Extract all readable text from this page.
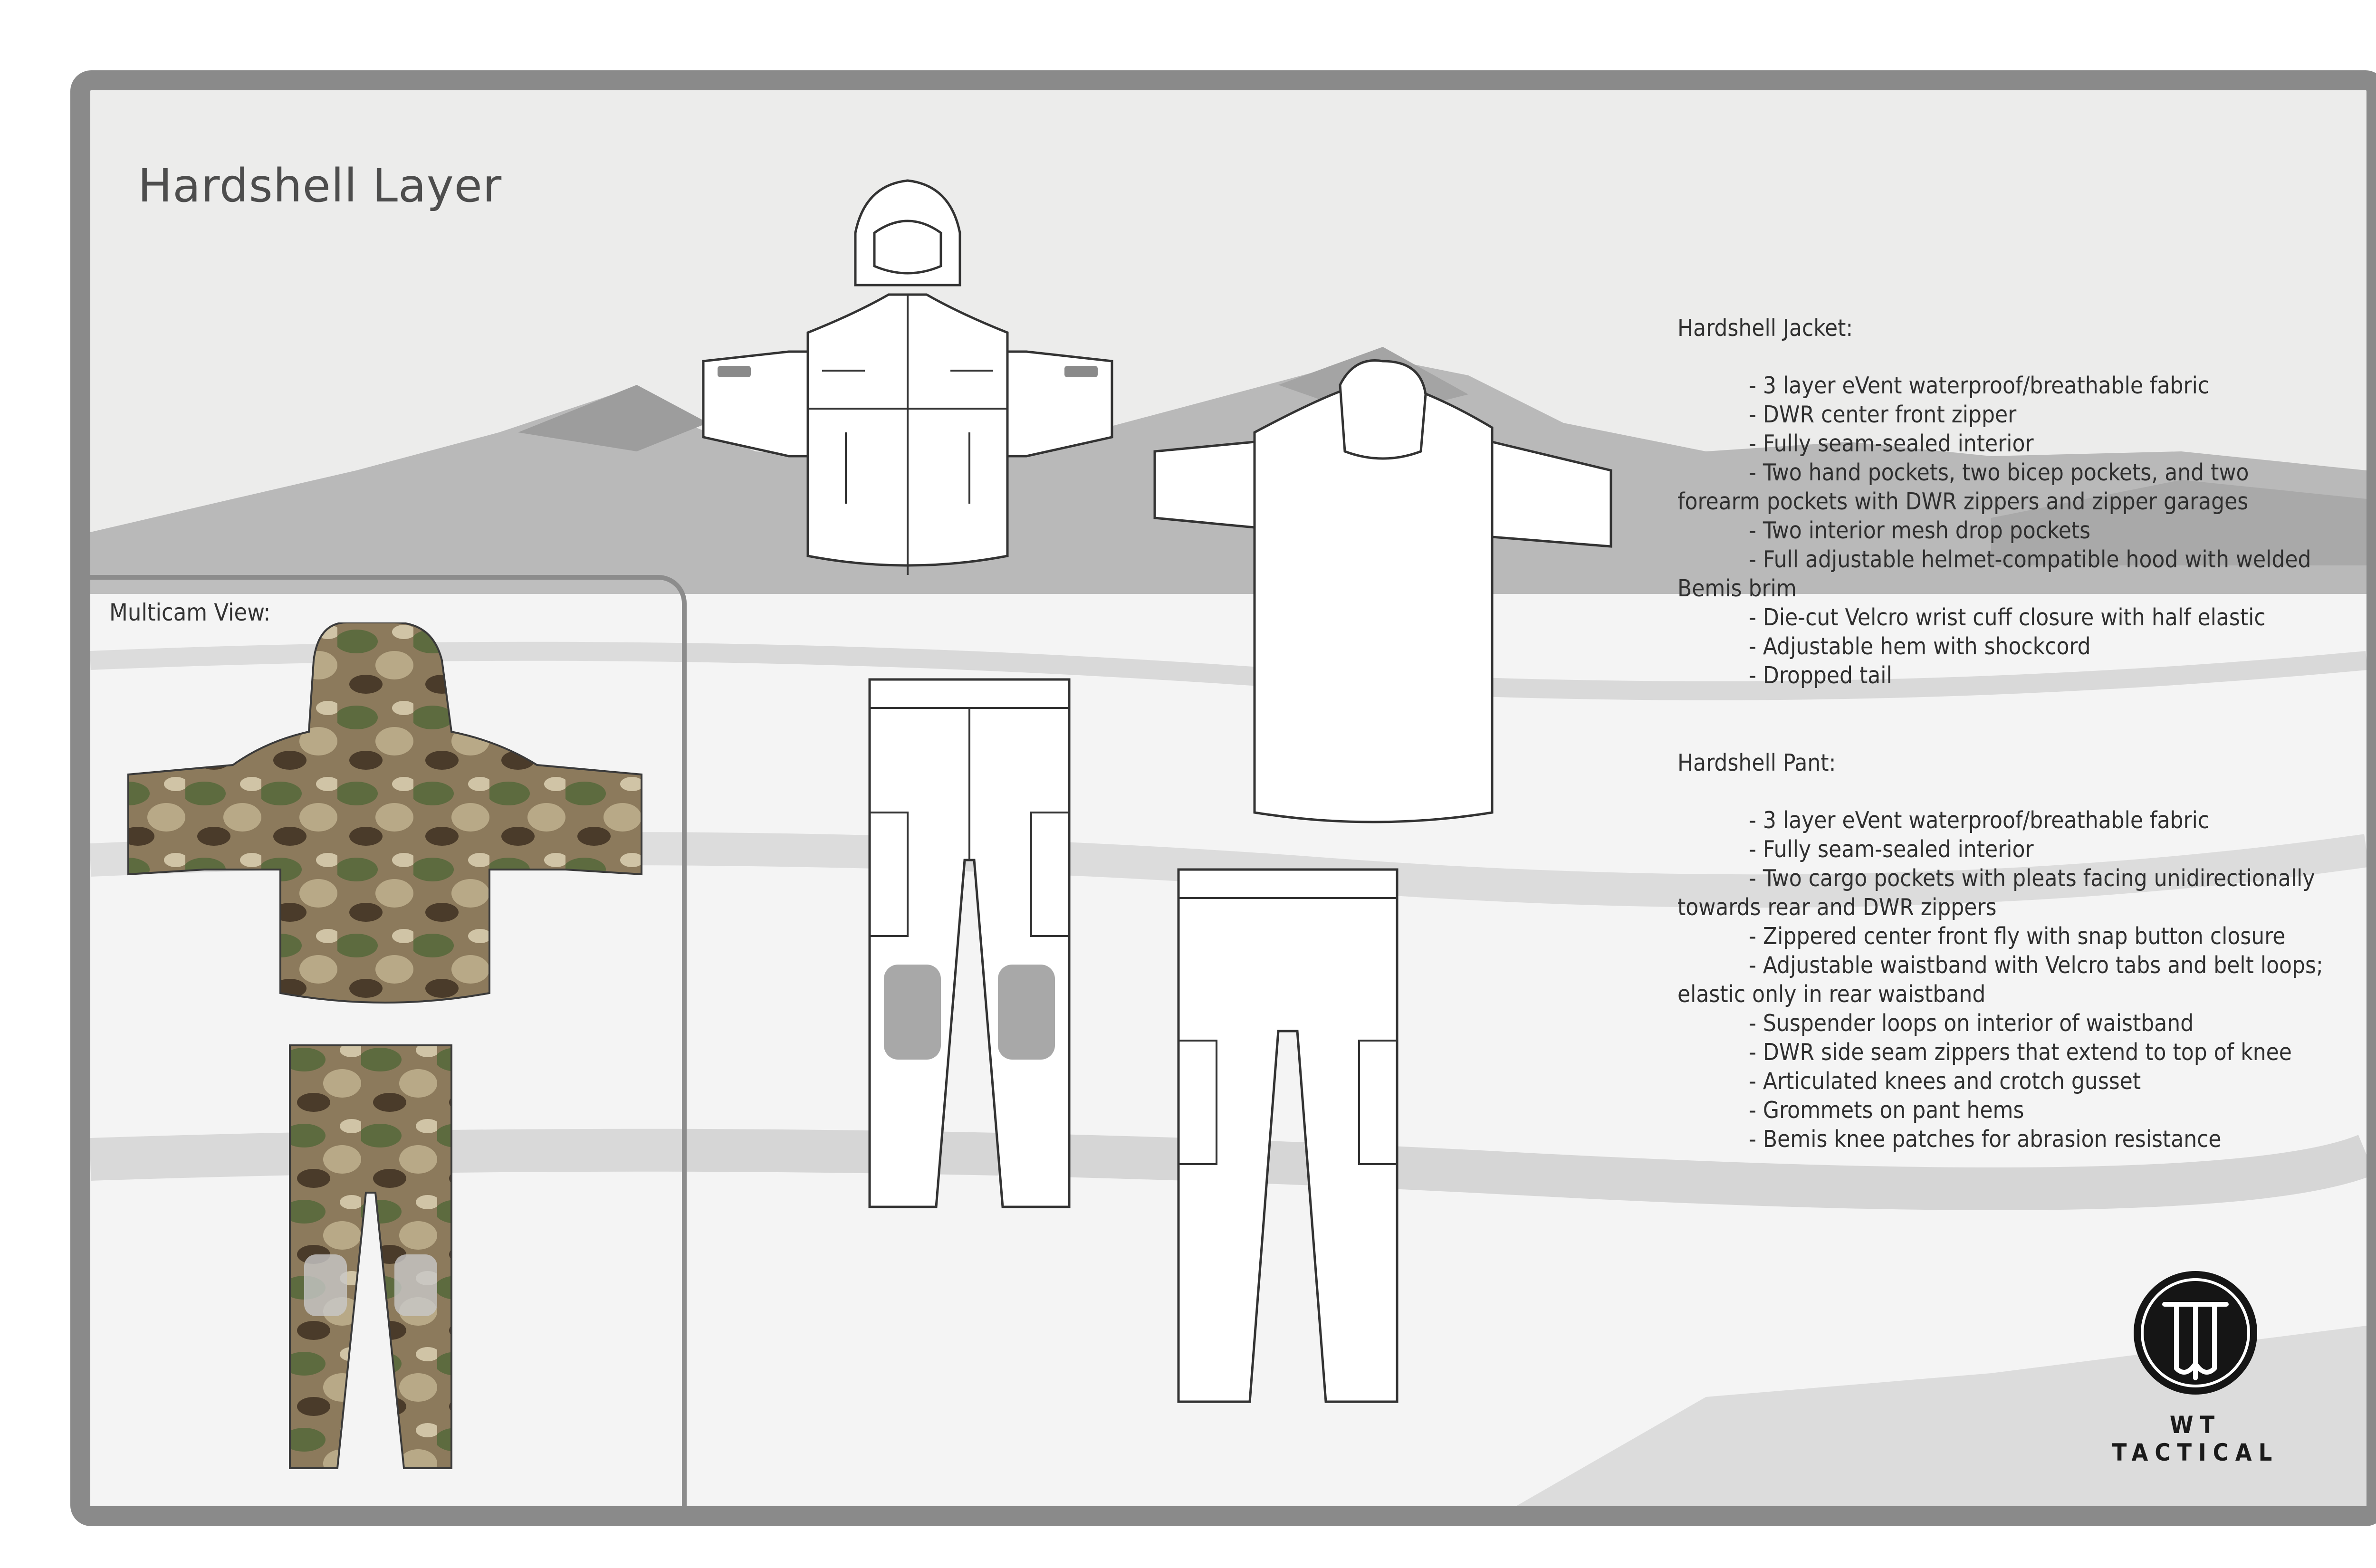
Hardshell Layer
Multicam View:
Hardshell Jacket:
- 3 layer eVent waterproof/breathable fabric
- DWR center front zipper
- Fully seam-sealed interior
- Two hand pockets, two bicep pockets, and two forearm pockets with DWR zippers and zipper garages
- Two interior mesh drop pockets
- Full adjustable helmet-compatible hood with welded Bemis brim
- Die-cut Velcro wrist cuff closure with half elastic
- Adjustable hem with shockcord
- Dropped tail
Hardshell Pant:
- 3 layer eVent waterproof/breathable fabric
- Fully seam-sealed interior
- Two cargo pockets with pleats facing unidirectionally towards rear and DWR zippers
- Zippered center front fly with snap button closure
- Adjustable waistband with Velcro tabs and belt loops; elastic only in rear waistband
- Suspender loops on interior of waistband
- DWR side seam zippers that extend to top of knee
- Articulated knees and crotch gusset
- Grommets on pant hems
- Bemis knee patches for abrasion resistance
WT TACTICAL
